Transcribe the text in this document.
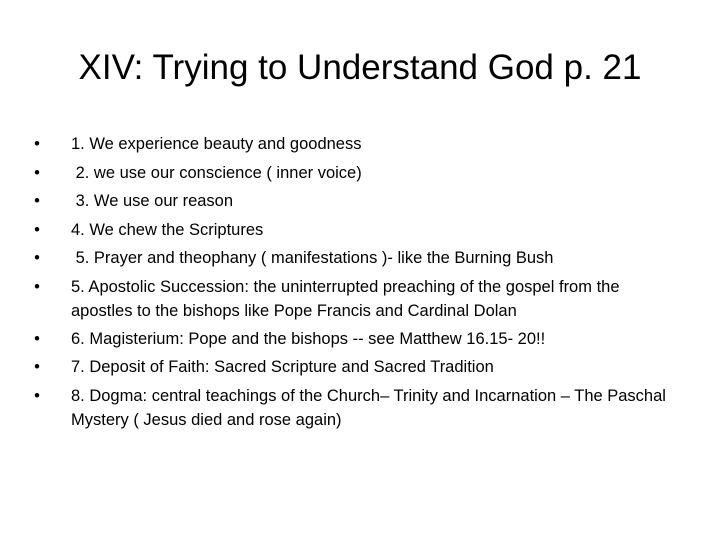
XIV: Trying to Understand God p. 21
• 1. We experience beauty and goodness
• 2. we use our conscience ( inner voice)
• 3. We use our reason
• 4. We chew the Scriptures
• 5. Prayer and theophany ( manifestations )- like the Burning Bush
• 5. Apostolic Succession: the uninterrupted preaching of the gospel from the apostles to the bishops like Pope Francis and Cardinal Dolan
• 6. Magisterium: Pope and the bishops -- see Matthew 16.15- 20!!
• 7. Deposit of Faith: Sacred Scripture and Sacred Tradition
• 8. Dogma: central teachings of the Church– Trinity and Incarnation – The Paschal Mystery ( Jesus died and rose again)
